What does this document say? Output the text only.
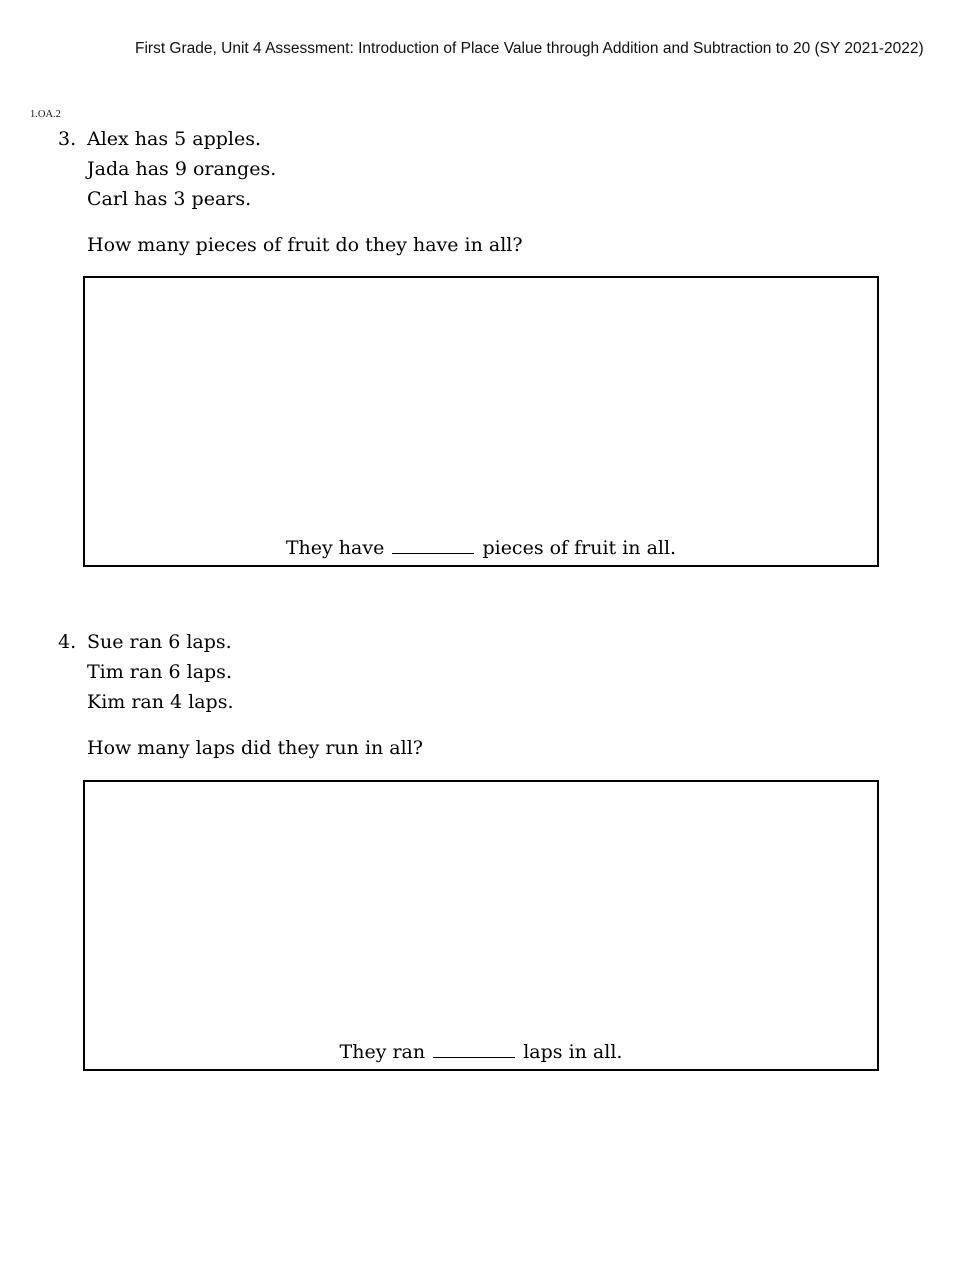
First Grade, Unit 4 Assessment: Introduction of Place Value through Addition and Subtraction to 20 (SY 2021-2022)
1.OA.2
3. Alex has 5 apples.
Jada has 9 oranges.
Carl has 3 pears.
How many pieces of fruit do they have in all?
They have	pieces of fruit in all.
4. Sue ran 6 laps.
Tim ran 6 laps.
Kim ran 4 laps.
How many laps did they run in all?
They ran	laps in all.
